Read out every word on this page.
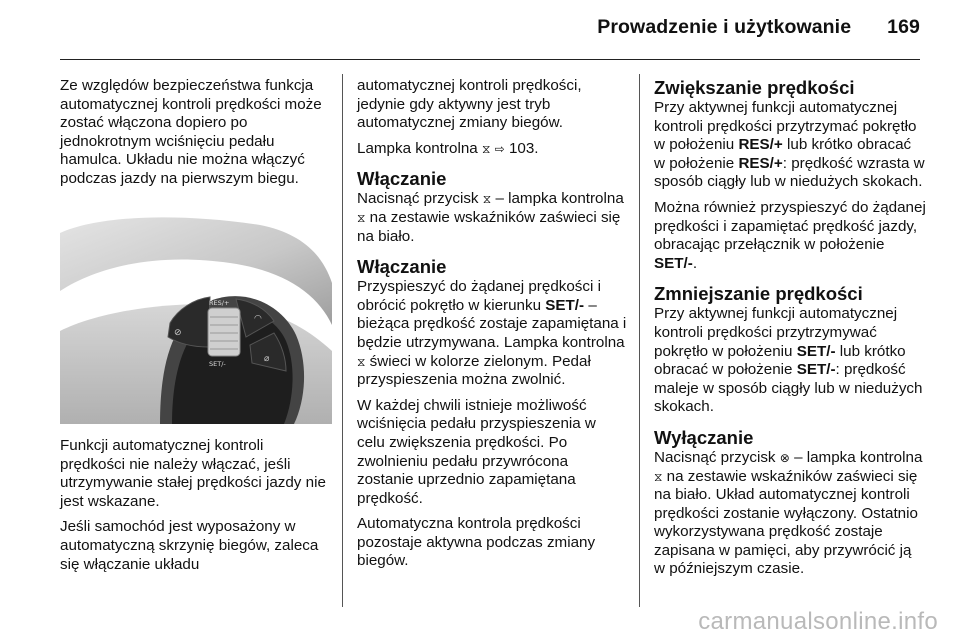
Prowadzenie i użytkowanie 169

Ze względów bezpieczeństwa funkcja automatycznej kontroli prędkości może zostać włączona dopiero po jednokrotnym wciśnięciu pedału hamulca. Układu nie można włączyć podczas jazdy na pierwszym biegu.

⊘
◠
⌀
RES/+
SET/-

Funkcji automatycznej kontroli prędkości nie należy włączać, jeśli utrzymywanie stałej prędkości jazdy nie jest wskazane.

Jeśli samochód jest wyposażony w automatyczną skrzynię biegów, zaleca się włączanie układu

automatycznej kontroli prędkości, jedynie gdy aktywny jest tryb automatycznej zmiany biegów.

Lampka kontrolna ⧖ ⇨ 103.

Włączanie

Nacisnąć przycisk ⧖ – lampka kontrolna ⧖ na zestawie wskaźników zaświeci się na biało.

Włączanie

Przyspieszyć do żądanej prędkości i obrócić pokrętło w kierunku SET/- – bieżąca prędkość zostaje zapamiętana i będzie utrzymywana. Lampka kontrolna ⧖ świeci w kolorze zielonym. Pedał przyspieszenia można zwolnić.

W każdej chwili istnieje możliwość wciśnięcia pedału przyspieszenia w celu zwiększenia prędkości. Po zwolnieniu pedału przywrócona zostanie uprzednio zapamiętana prędkość.

Automatyczna kontrola prędkości pozostaje aktywna podczas zmiany biegów.

Zwiększanie prędkości

Przy aktywnej funkcji automatycznej kontroli prędkości przytrzymać pokrętło w położeniu RES/+ lub krótko obracać w położenie RES/+: prędkość wzrasta w sposób ciągły lub w niedużych skokach.

Można również przyspieszyć do żądanej prędkości i zapamiętać prędkość jazdy, obracając przełącznik w położenie SET/-.

Zmniejszanie prędkości

Przy aktywnej funkcji automatycznej kontroli prędkości przytrzymywać pokrętło w położeniu SET/- lub krótko obracać w położenie SET/-: prędkość maleje w sposób ciągły lub w niedużych skokach.

Wyłączanie

Nacisnąć przycisk ⊗ – lampka kontrolna ⧖ na zestawie wskaźników zaświeci się na biało. Układ automatycznej kontroli prędkości zostanie wyłączony. Ostatnio wykorzystywana prędkość zostaje zapisana w pamięci, aby przywrócić ją w późniejszym czasie.

carmanualsonline.info
